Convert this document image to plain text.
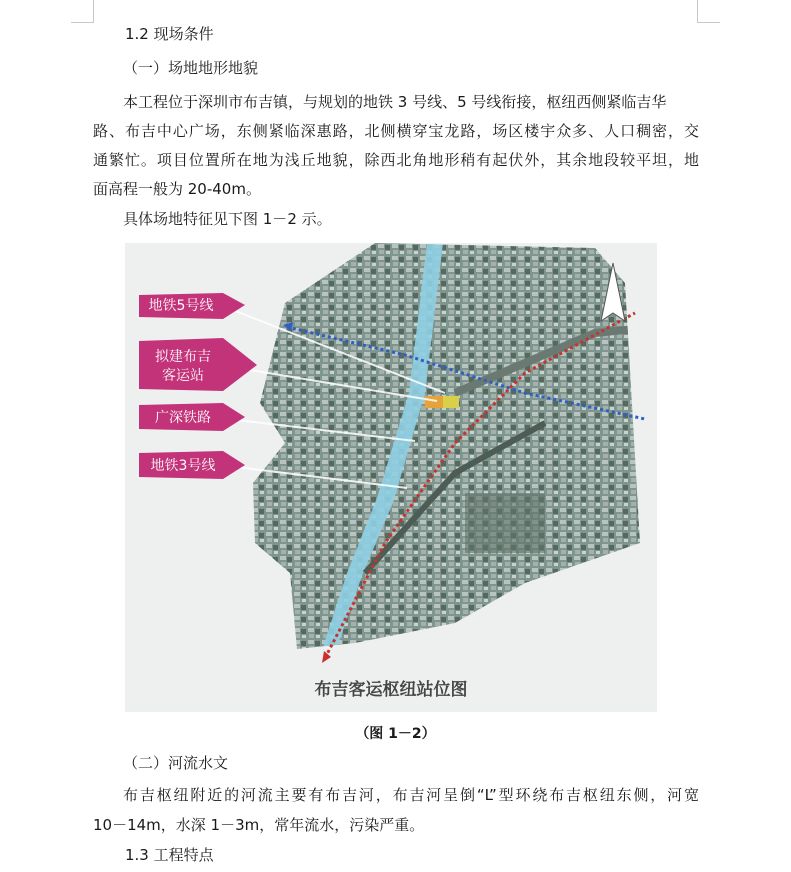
1.2 现场条件
（一）场地地形地貌
本工程位于深圳市布吉镇，与规划的地铁 3 号线、5 号线衔接，枢纽西侧紧临吉华
路、布吉中心广场，东侧紧临深惠路，北侧横穿宝龙路，场区楼宇众多、人口稠密，交
通繁忙。项目位置所在地为浅丘地貌，除西北角地形稍有起伏外，其余地段较平坦，地
面高程一般为 20-40m。
具体场地特征见下图 1－2 示。
地铁5号线
拟建布吉
客运站
广深铁路
地铁3号线
布吉客运枢纽站位图
（图 1－2）
（二）河流水文
布吉枢纽附近的河流主要有布吉河，布吉河呈倒“L”型环绕布吉枢纽东侧，河宽
10－14m，水深 1－3m，常年流水，污染严重。
1.3 工程特点
